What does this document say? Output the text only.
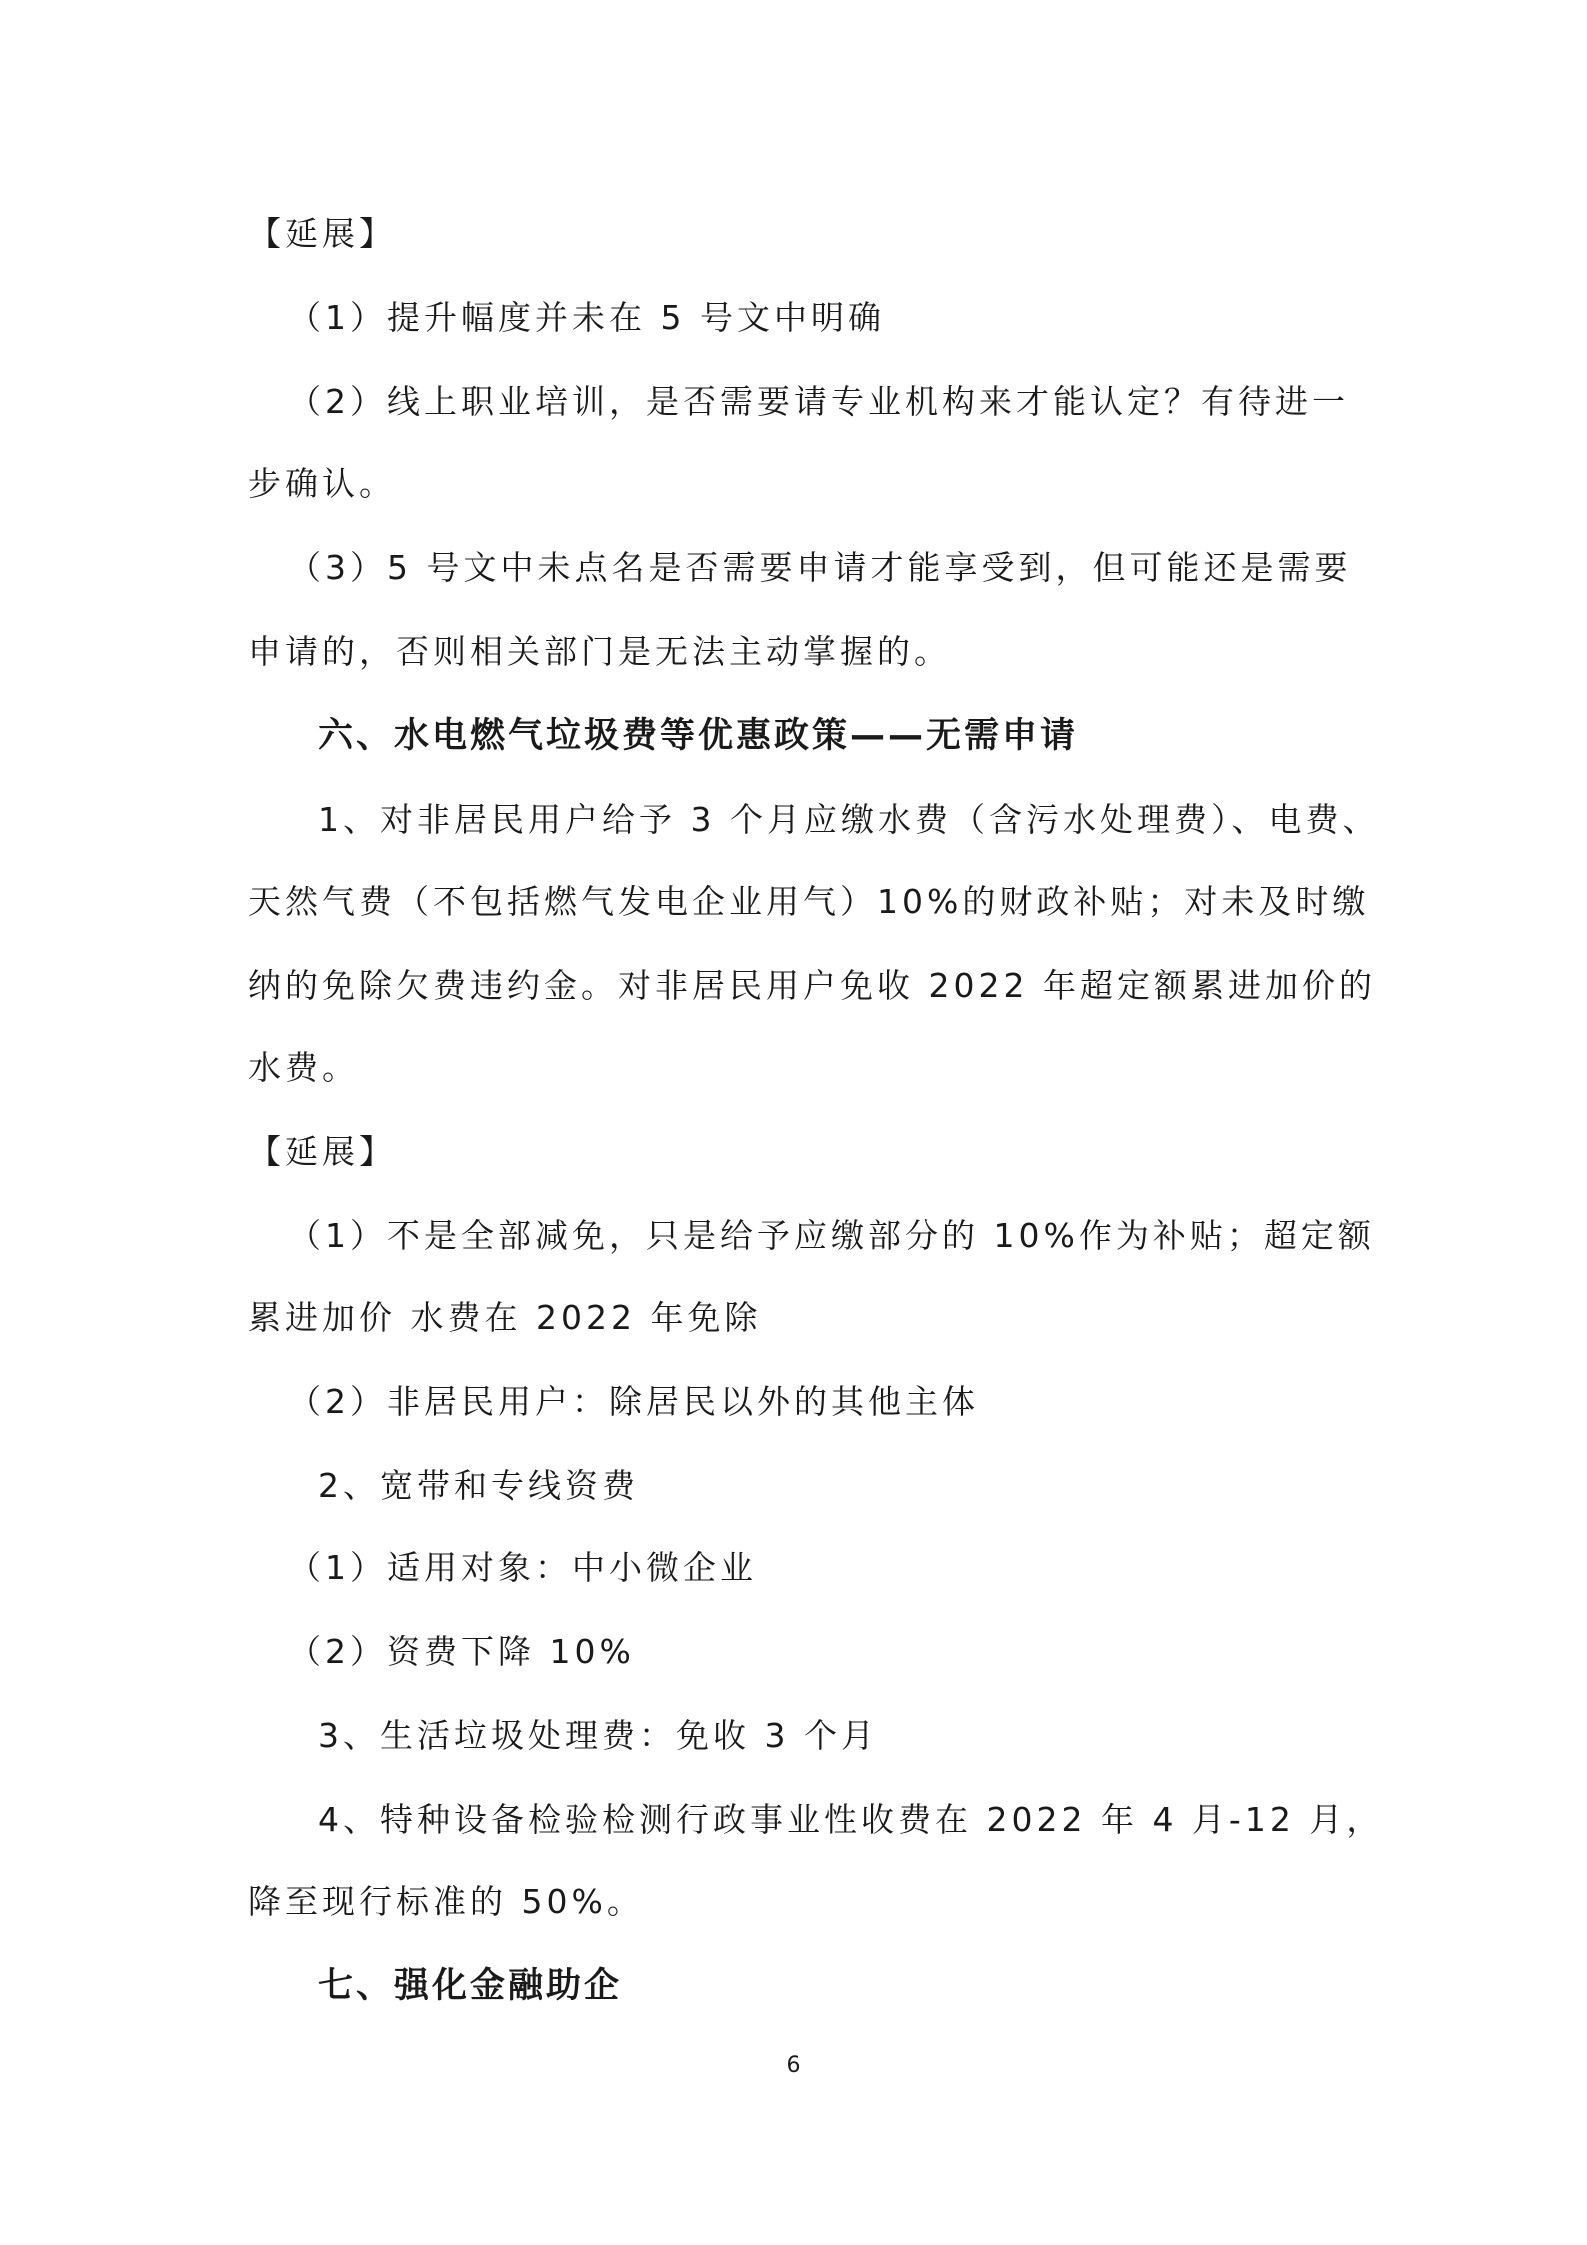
【延展】
（1）提升幅度并未在 5 号文中明确
（2）线上职业培训，是否需要请专业机构来才能认定？有待进一
步确认。
（3）5 号文中未点名是否需要申请才能享受到，但可能还是需要
申请的，否则相关部门是无法主动掌握的。
六、水电燃气垃圾费等优惠政策——无需申请
1、对非居民用户给予 3 个月应缴水费（含污水处理费）、电费、
天然气费（不包括燃气发电企业用气）10%的财政补贴；对未及时缴
纳的免除欠费违约金。对非居民用户免收 2022 年超定额累进加价的
水费。
【延展】
（1）不是全部减免，只是给予应缴部分的 10%作为补贴；超定额
累进加价 水费在 2022 年免除
（2）非居民用户：除居民以外的其他主体
2、宽带和专线资费
（1）适用对象：中小微企业
（2）资费下降 10%
3、生活垃圾处理费：免收 3 个月
4、特种设备检验检测行政事业性收费在 2022 年 4 月-12 月，
降至现行标准的 50%。
七、强化金融助企
6
